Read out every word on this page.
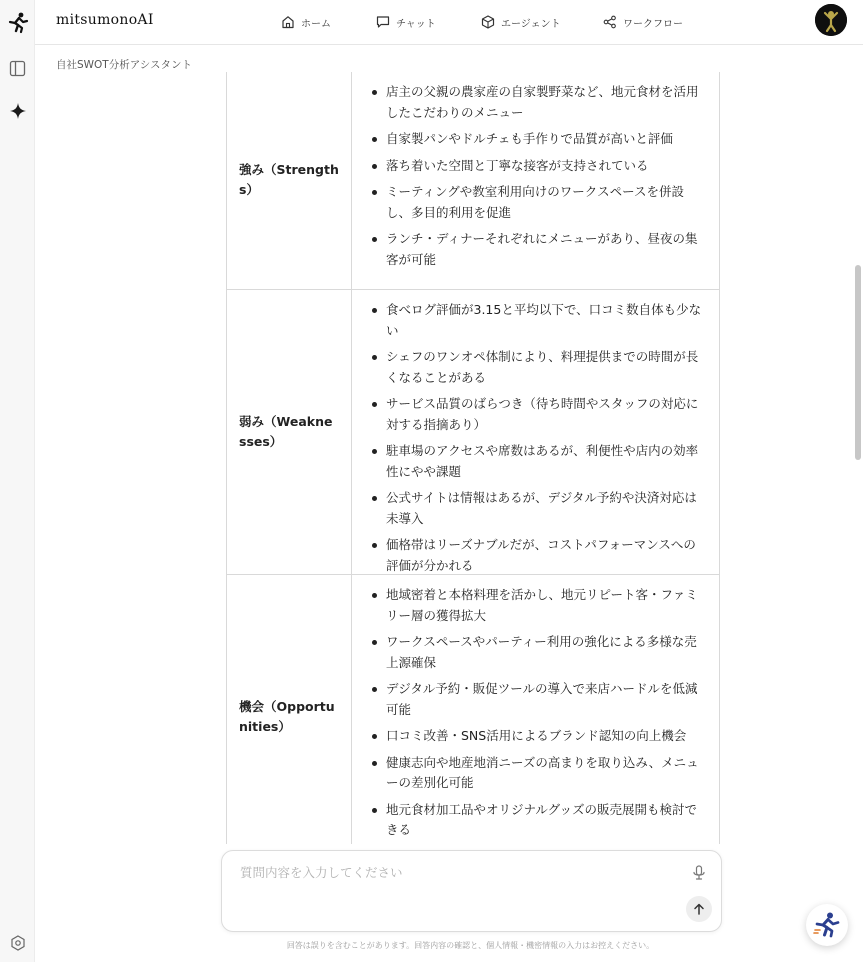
mitsumonoAI	ホーム	チャット	エージェント	ワークフロー
自社SWOT分析アシスタント
強み（Strengths）
店主の父親の農家産の自家製野菜など、地元食材を活用したこだわりのメニュー
自家製パンやドルチェも手作りで品質が高いと評価
落ち着いた空間と丁寧な接客が支持されている
ミーティングや教室利用向けのワークスペースを併設し、多目的利用を促進
ランチ・ディナーそれぞれにメニューがあり、昼夜の集客が可能
弱み（Weaknesses）
食べログ評価が3.15と平均以下で、口コミ数自体も少ない
シェフのワンオペ体制により、料理提供までの時間が長くなることがある
サービス品質のばらつき（待ち時間やスタッフの対応に対する指摘あり）
駐車場のアクセスや席数はあるが、利便性や店内の効率性にやや課題
公式サイトは情報はあるが、デジタル予約や決済対応は未導入
価格帯はリーズナブルだが、コストパフォーマンスへの評価が分かれる
機会（Opportunities）
地域密着と本格料理を活かし、地元リピート客・ファミリー層の獲得拡大
ワークスペースやパーティー利用の強化による多様な売上源確保
デジタル予約・販促ツールの導入で来店ハードルを低減可能
口コミ改善・SNS活用によるブランド認知の向上機会
健康志向や地産地消ニーズの高まりを取り込み、メニューの差別化可能
地元食材加工品やオリジナルグッズの販売展開も検討できる
質問内容を入力してください
回答は誤りを含むことがあります。回答内容の確認と、個人情報・機密情報の入力はお控えください。
